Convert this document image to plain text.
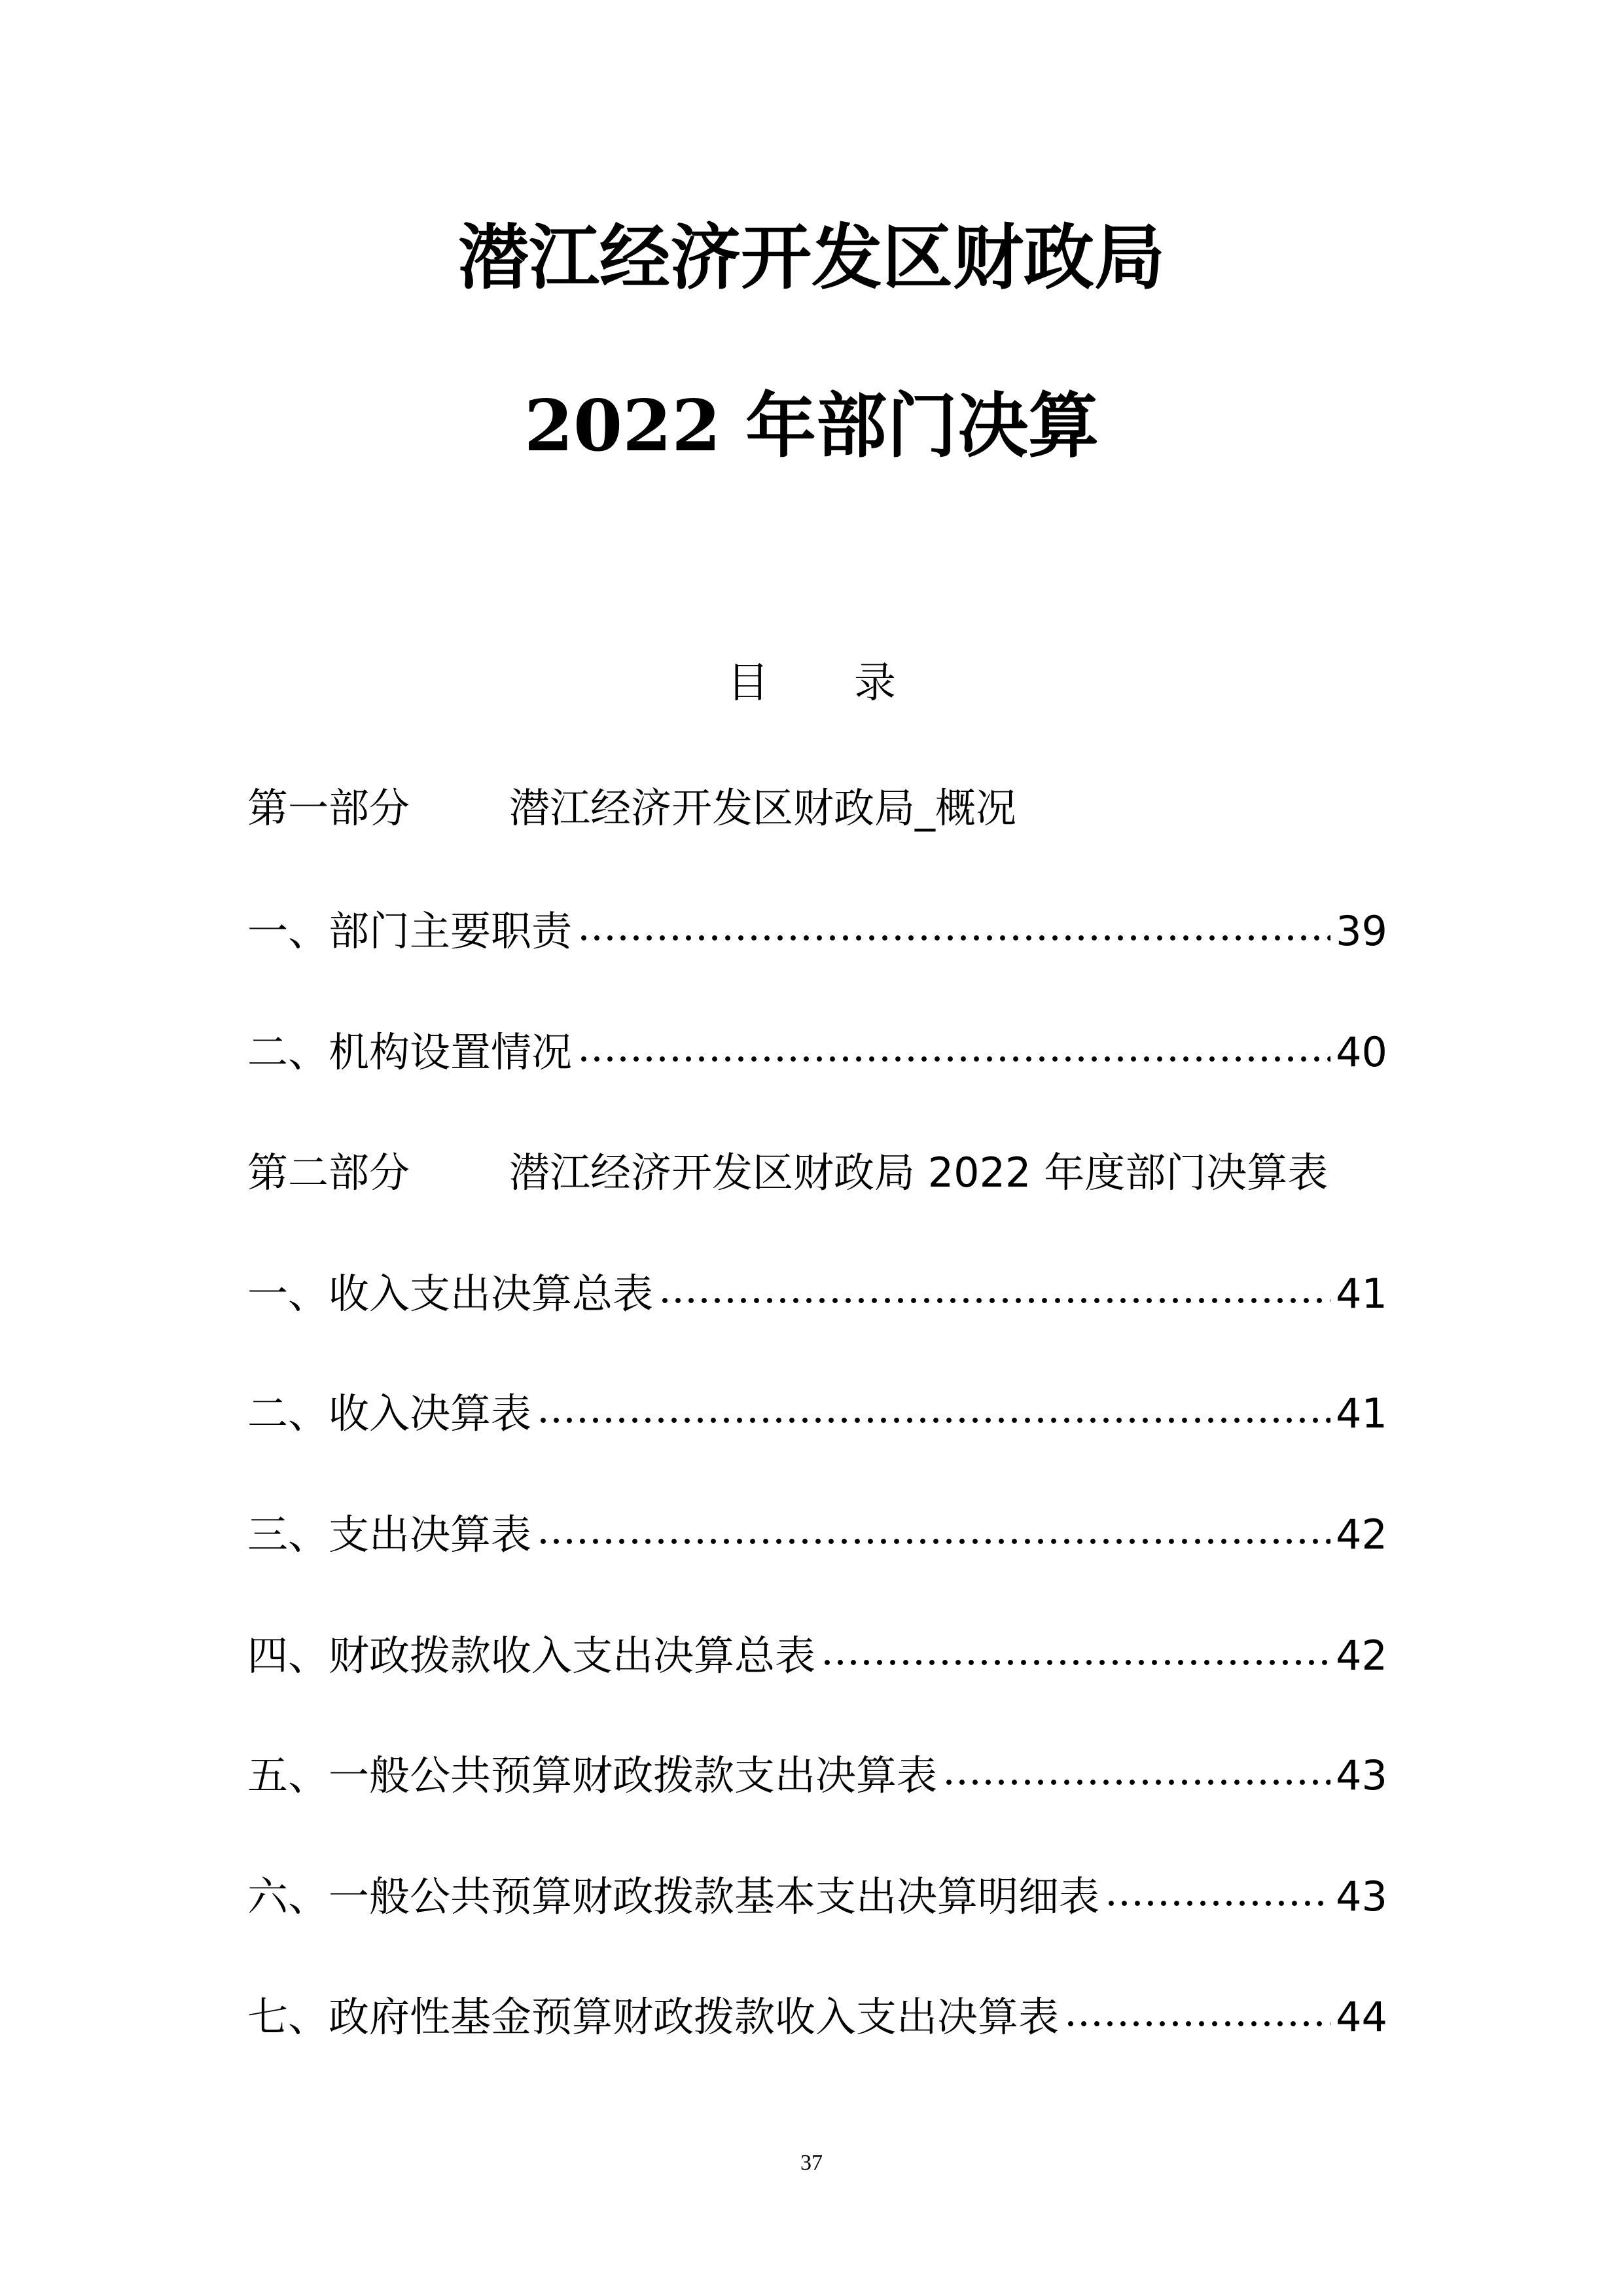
潜江经济开发区财政局
2022 年部门决算
目录
第一部分	潜江经济开发区财政局_概况
一、部门主要职责	39
二、机构设置情况	40
第二部分	潜江经济开发区财政局 2022 年度部门决算表
一、收入支出决算总表	41
二、收入决算表	41
三、支出决算表	42
四、财政拨款收入支出决算总表	42
五、一般公共预算财政拨款支出决算表	43
六、一般公共预算财政拨款基本支出决算明细表	43
七、政府性基金预算财政拨款收入支出决算表	44
37
